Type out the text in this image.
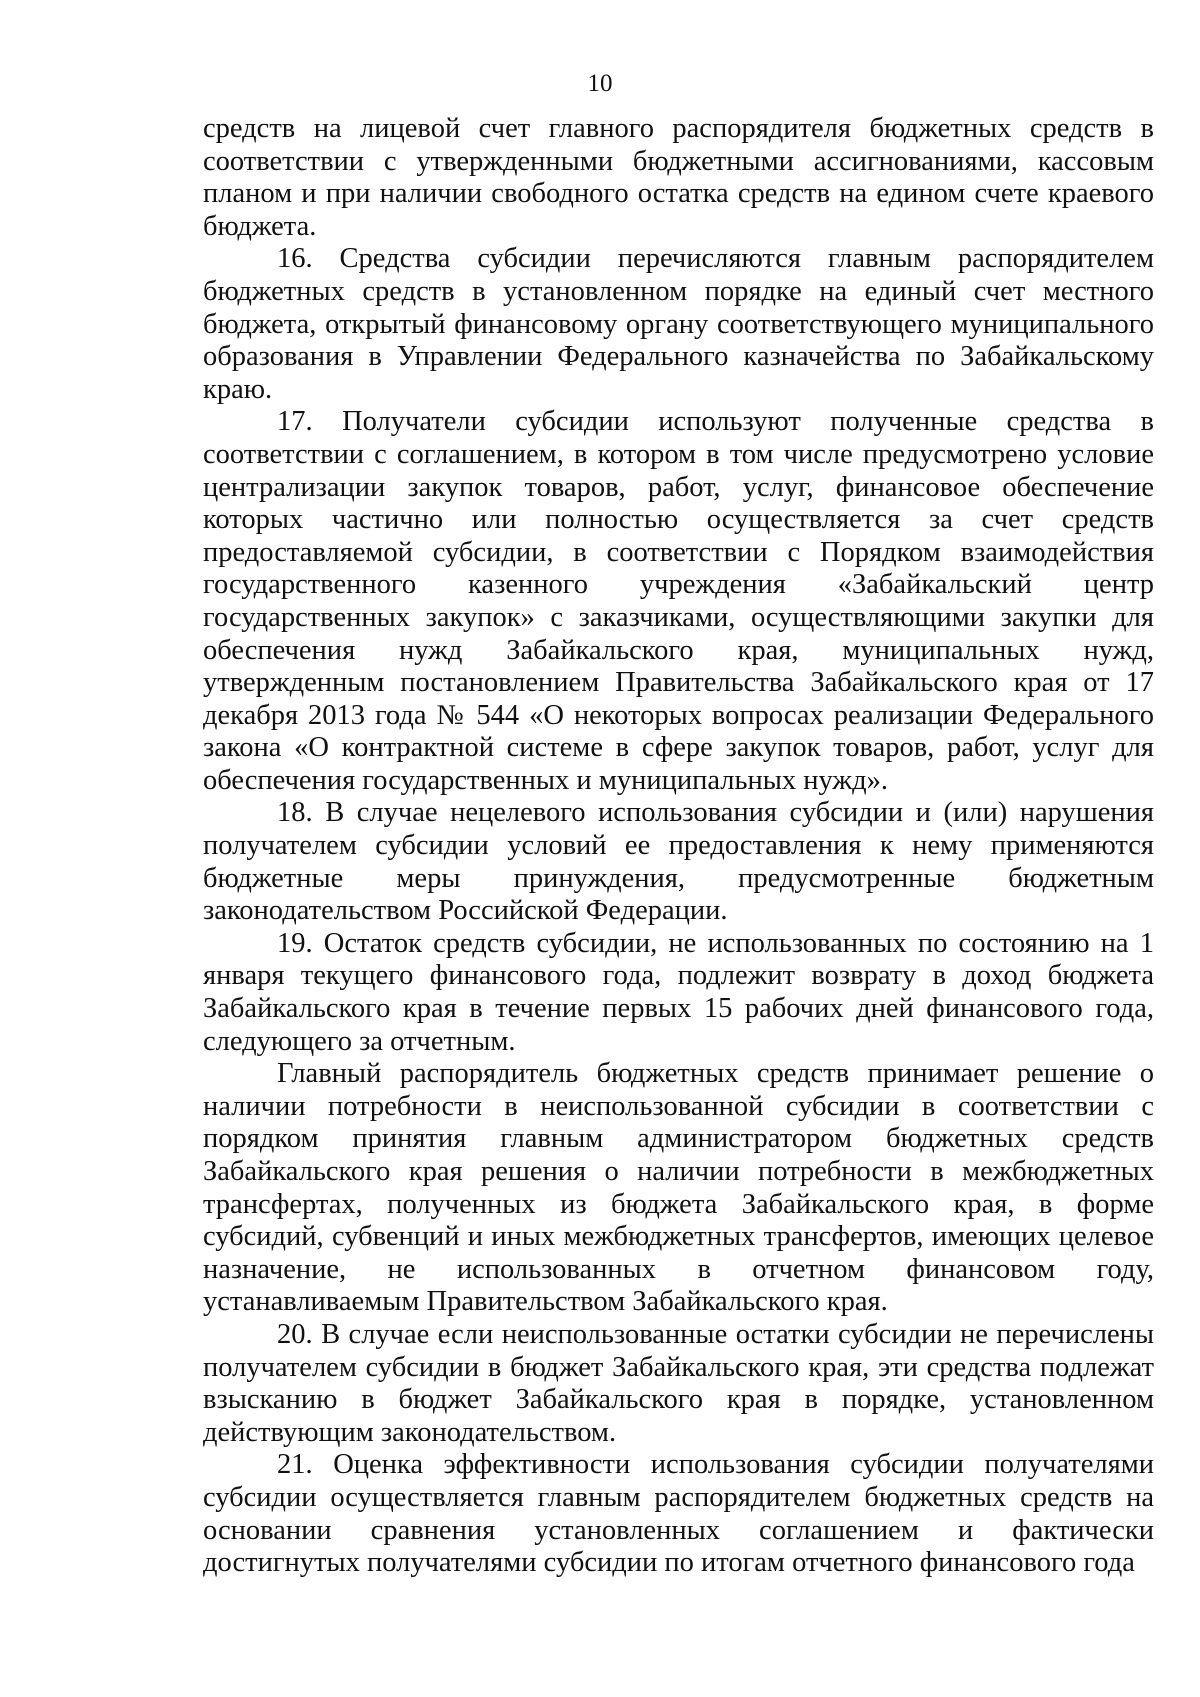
10

средств на лицевой счет главного распорядителя бюджетных средств в соответствии с утвержденными бюджетными ассигнованиями, кассовым планом и при наличии свободного остатка средств на едином счете краевого бюджета.

16. Средства субсидии перечисляются главным распорядителем бюджетных средств в установленном порядке на единый счет местного бюджета, открытый финансовому органу соответствующего муниципального образования в Управлении Федерального казначейства по Забайкальскому краю.

17. Получатели субсидии используют полученные средства в соответствии с соглашением, в котором в том числе предусмотрено условие централизации закупок товаров, работ, услуг, финансовое обеспечение которых частично или полностью осуществляется за счет средств предоставляемой субсидии, в соответствии с Порядком взаимодействия государственного казенного учреждения «Забайкальский центр государственных закупок» с заказчиками, осуществляющими закупки для обеспечения нужд Забайкальского края, муниципальных нужд, утвержденным постановлением Правительства Забайкальского края от 17 декабря 2013 года № 544 «О некоторых вопросах реализации Федерального закона «О контрактной системе в сфере закупок товаров, работ, услуг для обеспечения государственных и муниципальных нужд».

18. В случае нецелевого использования субсидии и (или) нарушения получателем субсидии условий ее предоставления к нему применяются бюджетные меры принуждения, предусмотренные бюджетным законодательством Российской Федерации.

19. Остаток средств субсидии, не использованных по состоянию на 1 января текущего финансового года, подлежит возврату в доход бюджета Забайкальского края в течение первых 15 рабочих дней финансового года, следующего за отчетным.

Главный распорядитель бюджетных средств принимает решение о наличии потребности в неиспользованной субсидии в соответствии с порядком принятия главным администратором бюджетных средств Забайкальского края решения о наличии потребности в межбюджетных трансфертах, полученных из бюджета Забайкальского края, в форме субсидий, субвенций и иных межбюджетных трансфертов, имеющих целевое назначение, не использованных в отчетном финансовом году, устанавливаемым Правительством Забайкальского края.

20. В случае если неиспользованные остатки субсидии не перечислены получателем субсидии в бюджет Забайкальского края, эти средства подлежат взысканию в бюджет Забайкальского края в порядке, установленном действующим законодательством.

21. Оценка эффективности использования субсидии получателями субсидии осуществляется главным распорядителем бюджетных средств на основании сравнения установленных соглашением и фактически достигнутых получателями субсидии по итогам отчетного финансового года
